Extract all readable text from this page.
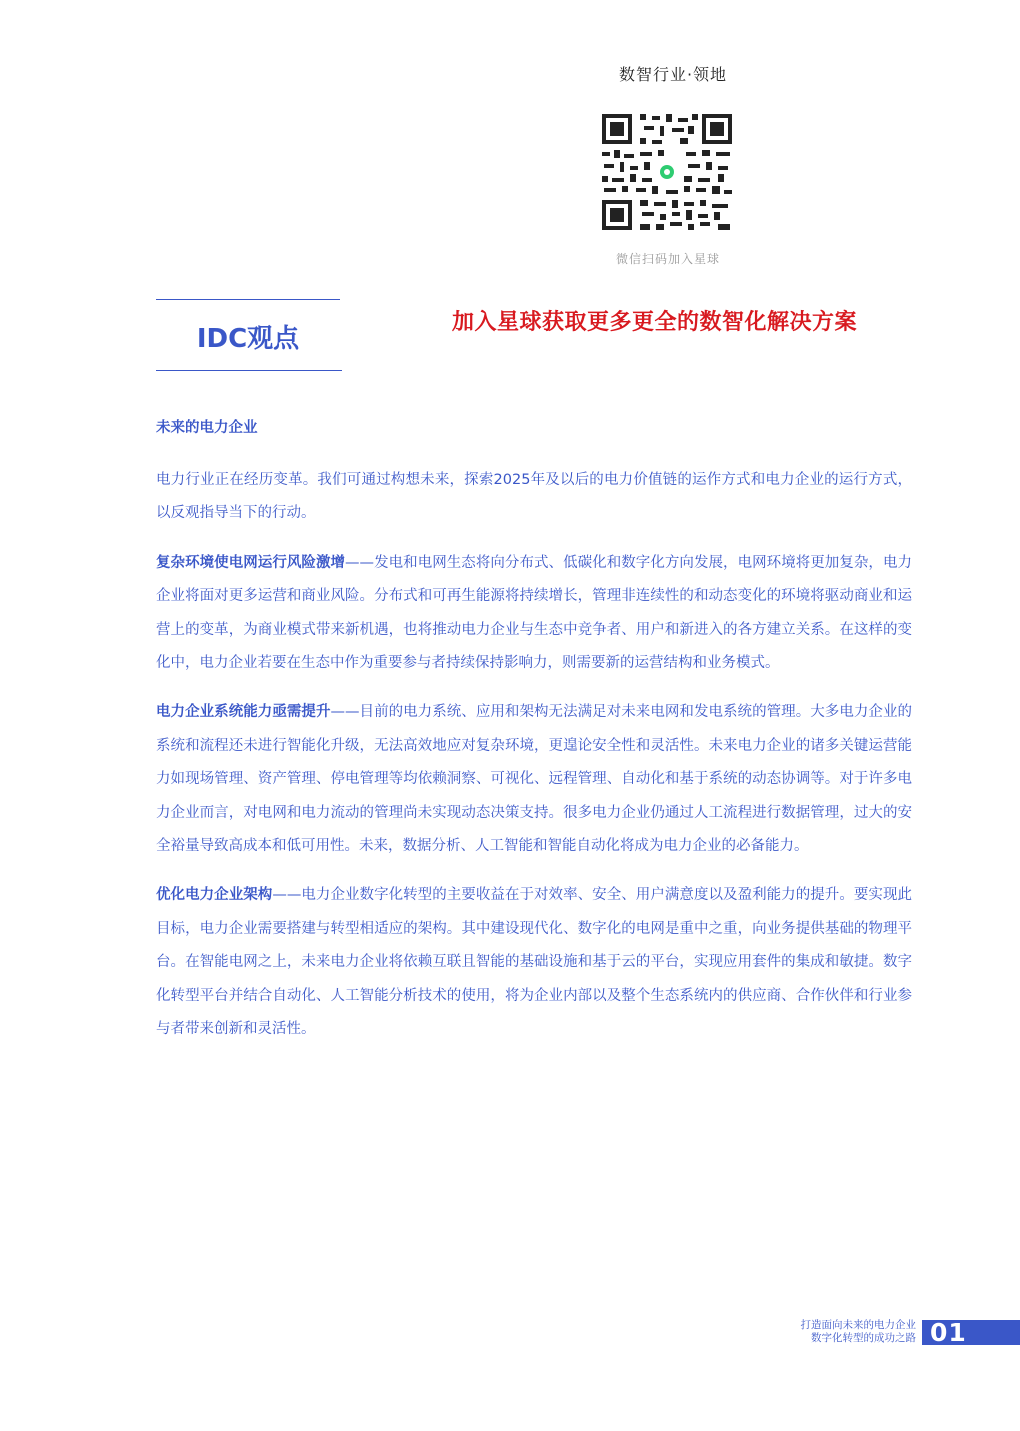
数智行业·领地
微信扫码加入星球
IDC观点
加入星球获取更多更全的数智化解决方案
未来的电力企业

电力行业正在经历变革。我们可通过构想未来，探索2025年及以后的电力价值链的运作方式和电力企业的运行方式，以反观指导当下的行动。

复杂环境使电网运行风险激增——发电和电网生态将向分布式、低碳化和数字化方向发展，电网环境将更加复杂，电力企业将面对更多运营和商业风险。分布式和可再生能源将持续增长，管理非连续性的和动态变化的环境将驱动商业和运营上的变革，为商业模式带来新机遇，也将推动电力企业与生态中竞争者、用户和新进入的各方建立关系。在这样的变化中，电力企业若要在生态中作为重要参与者持续保持影响力，则需要新的运营结构和业务模式。

电力企业系统能力亟需提升——目前的电力系统、应用和架构无法满足对未来电网和发电系统的管理。大多电力企业的系统和流程还未进行智能化升级，无法高效地应对复杂环境，更遑论安全性和灵活性。未来电力企业的诸多关键运营能力如现场管理、资产管理、停电管理等均依赖洞察、可视化、远程管理、自动化和基于系统的动态协调等。对于许多电力企业而言，对电网和电力流动的管理尚未实现动态决策支持。很多电力企业仍通过人工流程进行数据管理，过大的安全裕量导致高成本和低可用性。未来，数据分析、人工智能和智能自动化将成为电力企业的必备能力。

优化电力企业架构——电力企业数字化转型的主要收益在于对效率、安全、用户满意度以及盈利能力的提升。要实现此目标，电力企业需要搭建与转型相适应的架构。其中建设现代化、数字化的电网是重中之重，向业务提供基础的物理平台。在智能电网之上，未来电力企业将依赖互联且智能的基础设施和基于云的平台，实现应用套件的集成和敏捷。数字化转型平台并结合自动化、人工智能分析技术的使用，将为企业内部以及整个生态系统内的供应商、合作伙伴和行业参与者带来创新和灵活性。

打造面向未来的电力企业
数字化转型的成功之路 01
